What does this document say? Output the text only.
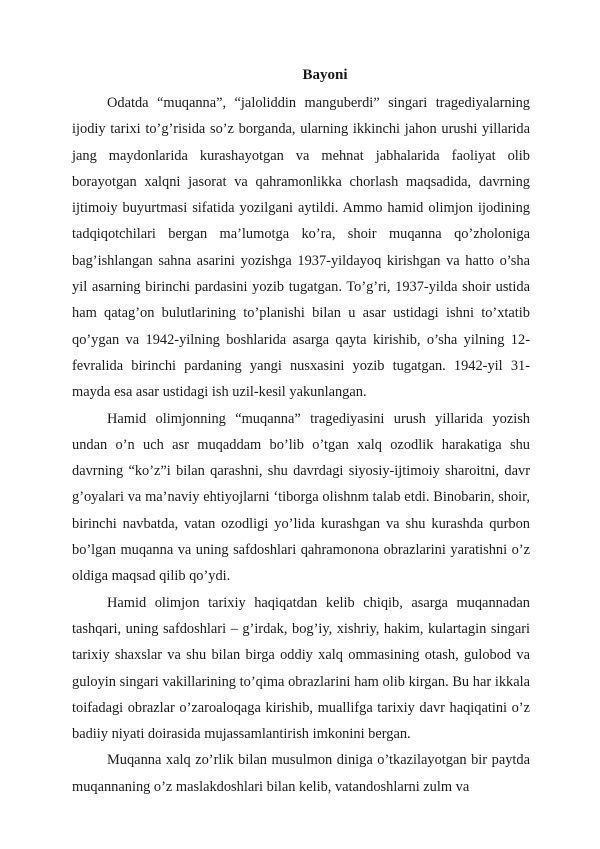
Bayoni

Odatda “muqanna”, “jaloliddin manguberdi” singari tragediyalarning ijodiy tarixi to’g’risida so’z borganda, ularning ikkinchi jahon urushi yillarida jang maydonlarida kurashayotgan va mehnat jabhalarida faoliyat olib borayotgan xalqni jasorat va qahramonlikka chorlash maqsadida, davrning ijtimoiy buyurtmasi sifatida yozilgani aytildi. Ammo hamid olimjon ijodining tadqiqotchilari bergan ma’lumotga ko’ra, shoir muqanna qo’zholoniga bag’ishlangan sahna asarini yozishga 1937-yildayoq kirishgan va hatto o’sha yil asarning birinchi pardasini yozib tugatgan. To’g’ri, 1937-yilda shoir ustida ham qatag’on bulutlarining to’planishi bilan u asar ustidagi ishni to’xtatib qo’ygan va 1942-yilning boshlarida asarga qayta kirishib, o’sha yilning 12-fevralida birinchi pardaning yangi nusxasini yozib tugatgan. 1942-yil 31-mayda esa asar ustidagi ish uzil-kesil yakunlangan.

Hamid olimjonning “muqanna” tragediyasini urush yillarida yozish undan o’n uch asr muqaddam bo’lib o’tgan xalq ozodlik harakatiga shu davrning “ko’z”i bilan qarashni, shu davrdagi siyosiy-ijtimoiy sharoitni, davr g’oyalari va ma’naviy ehtiyojlarni ‘tiborga olishnm talab etdi. Binobarin, shoir, birinchi navbatda, vatan ozodligi yo’lida kurashgan va shu kurashda qurbon bo’lgan muqanna va uning safdoshlari qahramonona obrazlarini yaratishni o’z oldiga maqsad qilib qo’ydi.

Hamid olimjon tarixiy haqiqatdan kelib chiqib, asarga muqannadan tashqari, uning safdoshlari – g’irdak, bog’iy, xishriy, hakim, kulartagin singari tarixiy shaxslar va shu bilan birga oddiy xalq ommasining otash, gulobod va guloyin singari vakillarining to’qima obrazlarini ham olib kirgan. Bu har ikkala toifadagi obrazlar o’zaroaloqaga kirishib, muallifga tarixiy davr haqiqatini o’z badiiy niyati doirasida mujassamlantirish imkonini bergan.

Muqanna xalq zo’rlik bilan musulmon diniga o’tkazilayotgan bir paytda muqannaning o’z maslakdoshlari bilan kelib, vatandoshlarni zulm va
